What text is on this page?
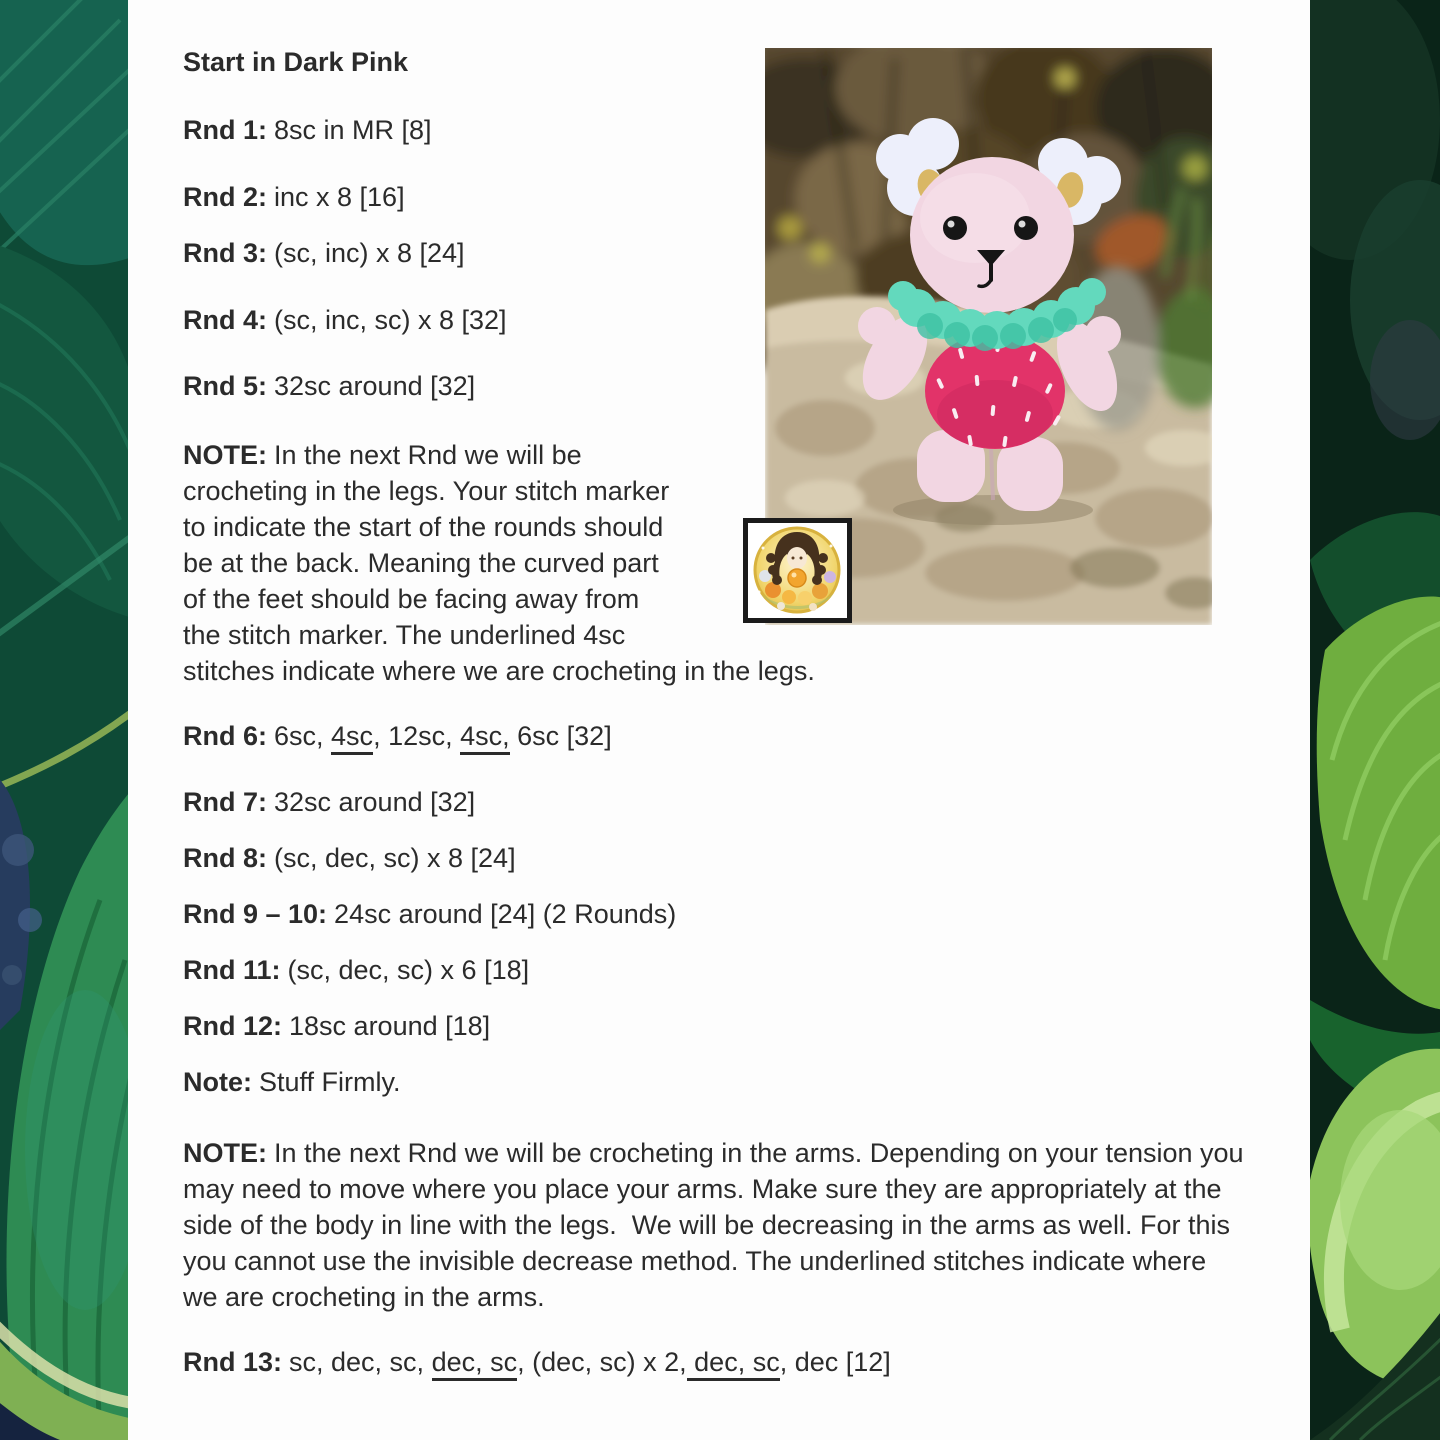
Start in Dark Pink
Rnd 1: 8sc in MR [8]
Rnd 2: inc x 8 [16]
Rnd 3: (sc, inc) x 8 [24]
Rnd 4: (sc, inc, sc) x 8 [32]
Rnd 5: 32sc around [32]
NOTE: In the next Rnd we will be
crocheting in the legs. Your stitch marker
to indicate the start of the rounds should
be at the back. Meaning the curved part
of the feet should be facing away from
the stitch marker. The underlined 4sc
stitches indicate where we are crocheting in the legs.
Rnd 6: 6sc, 4sc, 12sc, 4sc, 6sc [32]
Rnd 7: 32sc around [32]
Rnd 8: (sc, dec, sc) x 8 [24]
Rnd 9 – 10: 24sc around [24] (2 Rounds)
Rnd 11: (sc, dec, sc) x 6 [18]
Rnd 12: 18sc around [18]
Note: Stuff Firmly.
NOTE: In the next Rnd we will be crocheting in the arms. Depending on your tension you
may need to move where you place your arms. Make sure they are appropriately at the
side of the body in line with the legs.  We will be decreasing in the arms as well. For this
you cannot use the invisible decrease method. The underlined stitches indicate where
we are crocheting in the arms.
Rnd 13: sc, dec, sc, dec, sc, (dec, sc) x 2, dec, sc, dec [12]
